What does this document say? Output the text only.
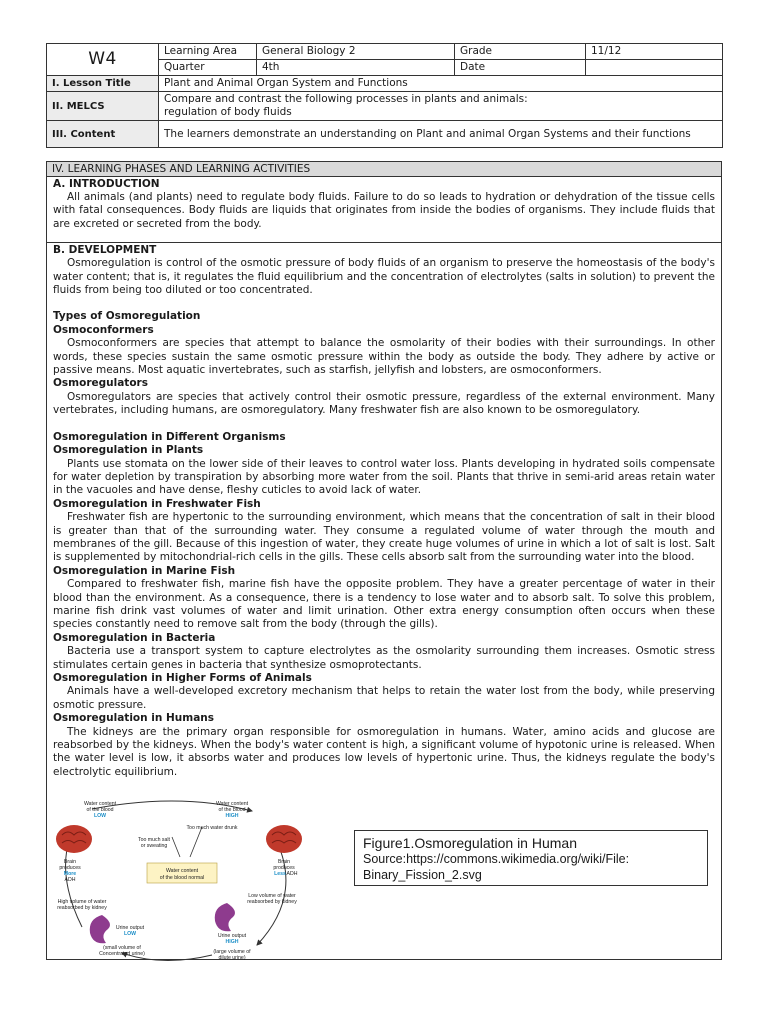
W4	Learning Area	General Biology 2	Grade	11/12
	Quarter	4th	Date	
I. Lesson Title	Plant and Animal Organ System and Functions			
II. MELCS	Compare and contrast the following processes in plants and animals:
regulation of body fluids			

III. Content	The learners demonstrate an understanding on Plant and animal Organ Systems and their functions			
IV. LEARNING PHASES AND LEARNING ACTIVITIES

A. INTRODUCTION

All animals (and plants) need to regulate body fluids. Failure to do so leads to hydration or dehydration of the tissue cells with fatal consequences. Body fluids are liquids that originates from inside the bodies of organisms. They include fluids that are excreted or secreted from the body.

B. DEVELOPMENT

Osmoregulation is control of the osmotic pressure of body fluids of an organism to preserve the homeostasis of the body's water content; that is, it regulates the fluid equilibrium and the concentration of electrolytes (salts in solution) to prevent the fluids from being too diluted or too concentrated.

Types of Osmoregulation

Osmoconformers

Osmoconformers are species that attempt to balance the osmolarity of their bodies with their surroundings. In other words, these species sustain the same osmotic pressure within the body as outside the body. They adhere by active or passive means. Most aquatic invertebrates, such as starfish, jellyfish and lobsters, are osmoconformers.

Osmoregulators

Osmoregulators are species that actively control their osmotic pressure, regardless of the external environment. Many vertebrates, including humans, are osmoregulatory. Many freshwater fish are also known to be osmoregulatory.

Osmoregulation in Different Organisms

Osmoregulation in Plants

Plants use stomata on the lower side of their leaves to control water loss. Plants developing in hydrated soils compensate for water depletion by transpiration by absorbing more water from the soil. Plants that thrive in semi-arid areas retain water in the vacuoles and have dense, fleshy cuticles to avoid lack of water.

Osmoregulation in Freshwater Fish

Freshwater fish are hypertonic to the surrounding environment, which means that the concentration of salt in their blood is greater than that of the surrounding water. They consume a regulated volume of water through the mouth and membranes of the gill. Because of this ingestion of water, they create huge volumes of urine in which a lot of salt is lost. Salt is supplemented by mitochondrial-rich cells in the gills. These cells absorb salt from the surrounding water into the blood.

Osmoregulation in Marine Fish

Compared to freshwater fish, marine fish have the opposite problem. They have a greater percentage of water in their blood than the environment. As a consequence, there is a tendency to lose water and to absorb salt. To solve this problem, marine fish drink vast volumes of water and limit urination. Other extra energy consumption often occurs when these species constantly need to remove salt from the body (through the gills).

Osmoregulation in Bacteria

Bacteria use a transport system to capture electrolytes as the osmolarity surrounding them increases. Osmotic stress stimulates certain genes in bacteria that synthesize osmoprotectants.

Osmoregulation in Higher Forms of Animals

Animals have a well-developed excretory mechanism that helps to retain the water lost from the body, while preserving osmotic pressure.

Osmoregulation in Humans

The kidneys are the primary organ responsible for osmoregulation in humans. Water, amino acids and glucose are reabsorbed by the kidneys. When the body's water content is high, a significant volume of hypotonic urine is released. When the water level is low, it absorbs water and produces low levels of hypertonic urine. Thus, the kidneys regulate the body's electrolytic equilibrium.

Water content
of the blood
LOW
Water content
of the blood
HIGH
Too much water drunk
Too much salt
or sweating
Water content
of the blood normal
Brain
produces
More
ADH
Brain
produces
Less ADH
High volume of water
reabsorbed by kidney
Low volume of water
reabsorbed by kidney
Urine output
LOW
(small volume of
Concentrated urine)
Urine output
HIGH
(large volume of
dilute urine)
Figure1.Osmoregulation in Human
Source:https://commons.wikimedia.org/wiki/File:
Binary_Fission_2.svg
